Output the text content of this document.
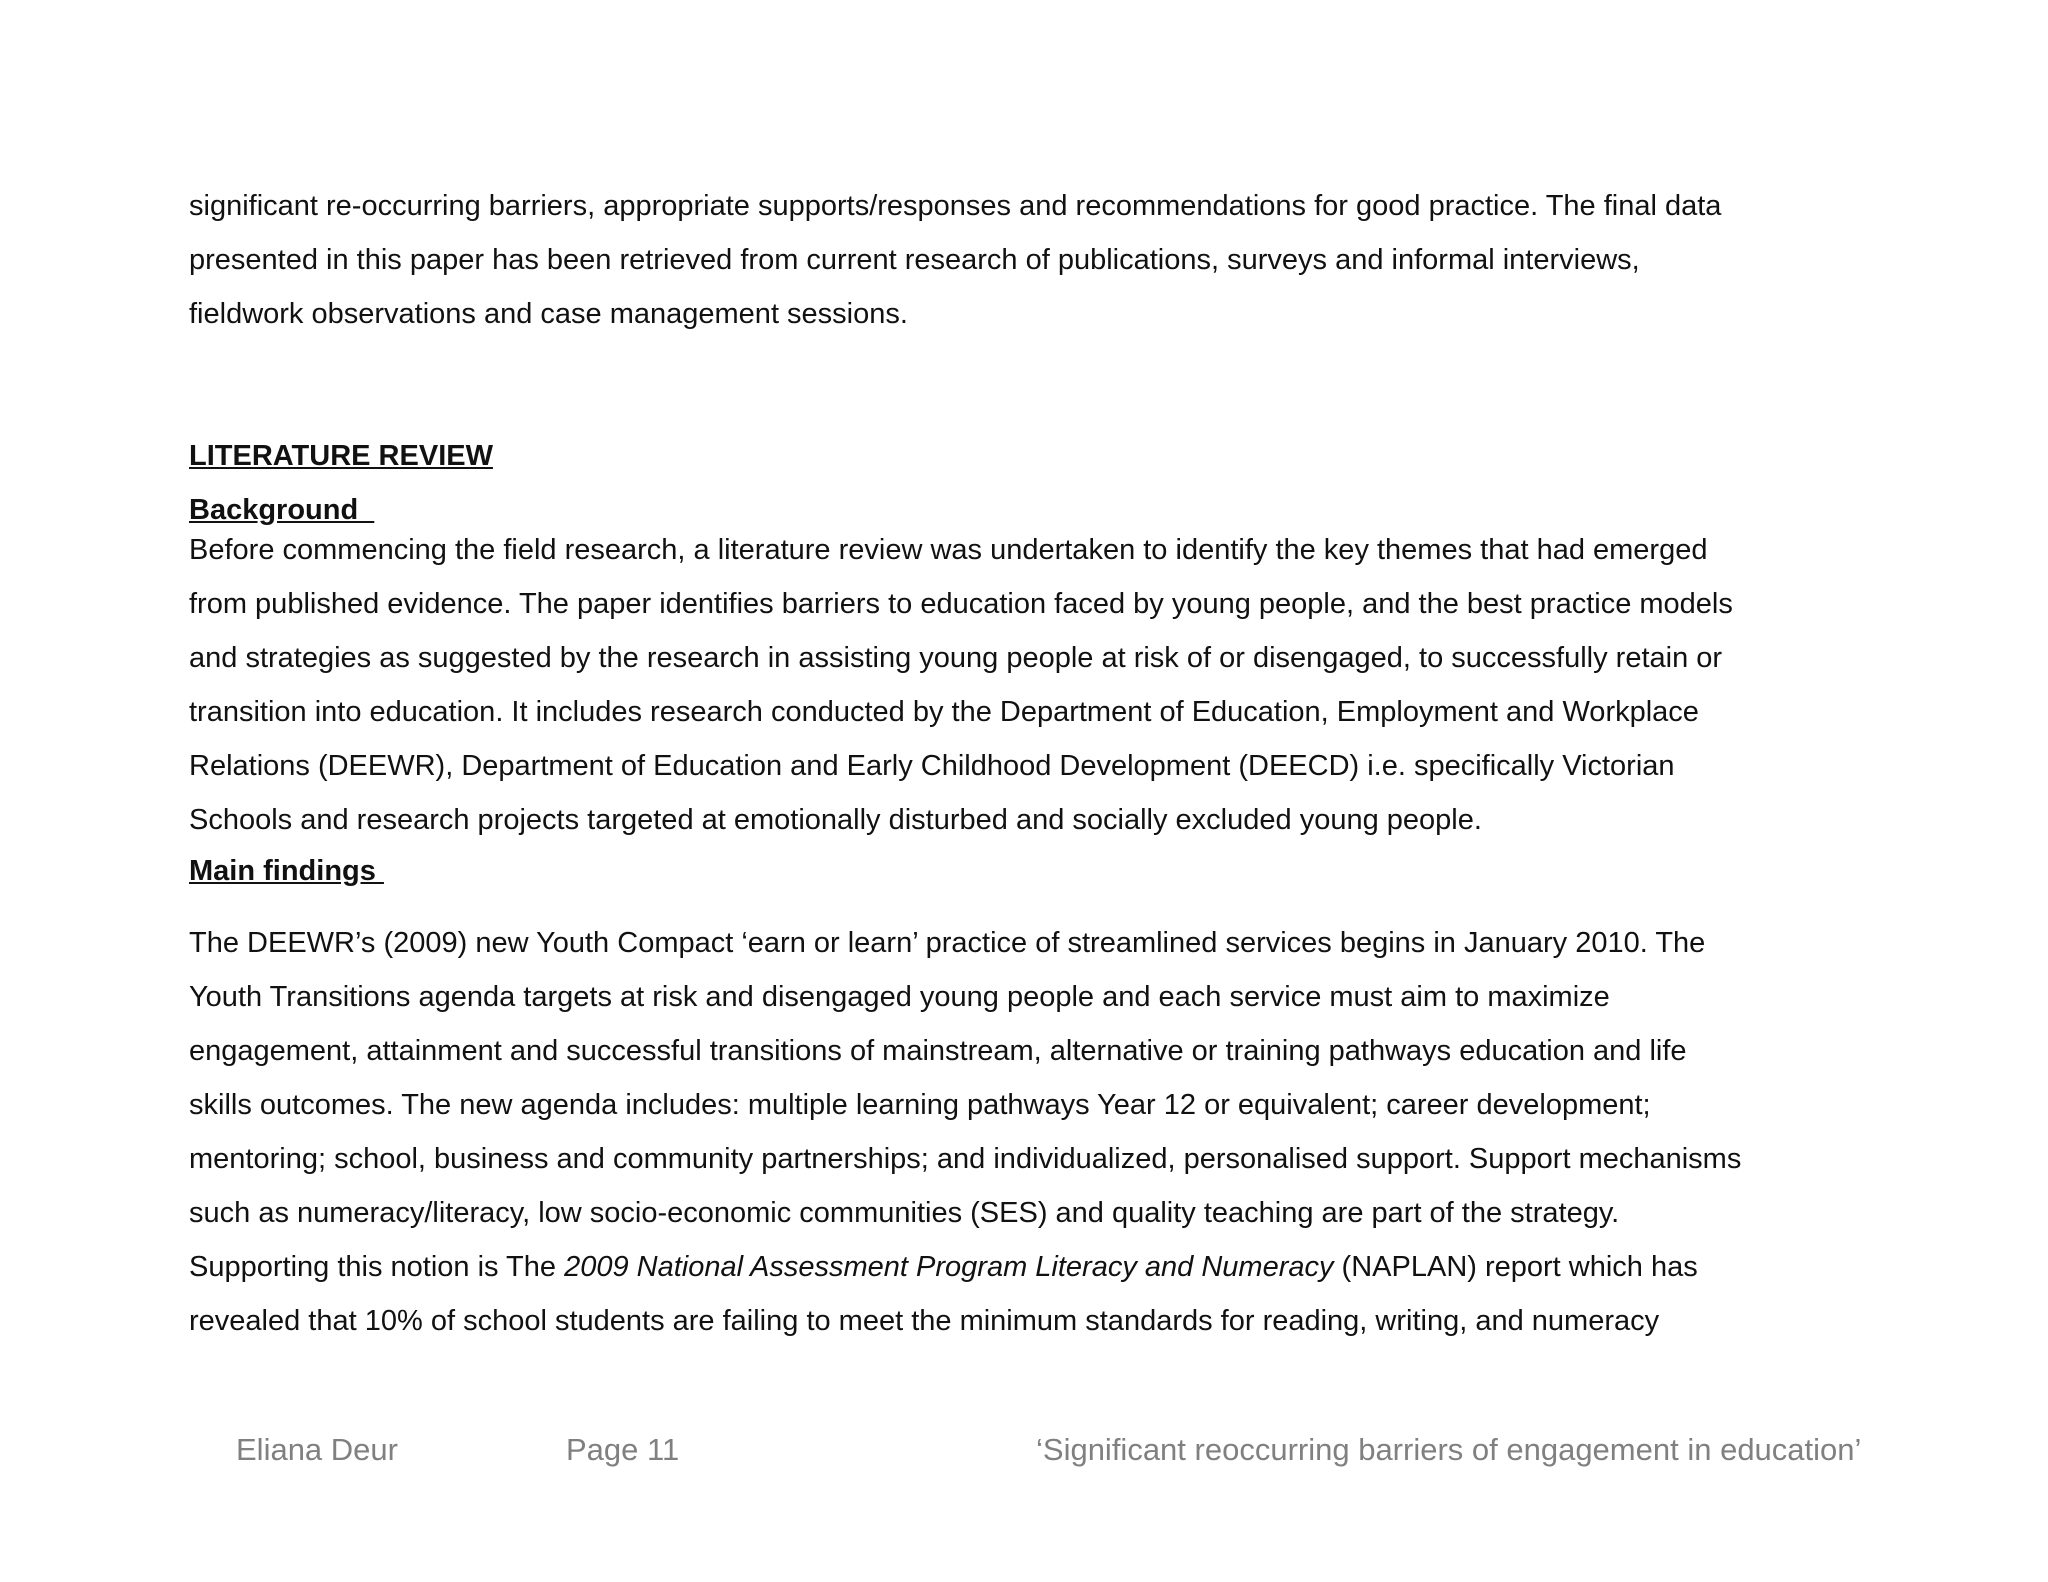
significant re-occurring barriers, appropriate supports/responses and recommendations for good practice. The final data
presented in this paper has been retrieved from current research of publications, surveys and informal interviews,
fieldwork observations and case management sessions.
LITERATURE REVIEW
Background
Before commencing the field research, a literature review was undertaken to identify the key themes that had emerged
from published evidence. The paper identifies barriers to education faced by young people, and the best practice models
and strategies as suggested by the research in assisting young people at risk of or disengaged, to successfully retain or
transition into education. It includes research conducted by the Department of Education, Employment and Workplace
Relations (DEEWR), Department of Education and Early Childhood Development (DEECD) i.e. specifically Victorian
Schools and research projects targeted at emotionally disturbed and socially excluded young people.
Main findings
The DEEWR’s (2009) new Youth Compact ‘earn or learn’ practice of streamlined services begins in January 2010. The
Youth Transitions agenda targets at risk and disengaged young people and each service must aim to maximize
engagement, attainment and successful transitions of mainstream, alternative or training pathways education and life
skills outcomes. The new agenda includes: multiple learning pathways Year 12 or equivalent; career development;
mentoring; school, business and community partnerships; and individualized, personalised support. Support mechanisms
such as numeracy/literacy, low socio-economic communities (SES) and quality teaching are part of the strategy.
Supporting this notion is The 2009 National Assessment Program Literacy and Numeracy (NAPLAN) report which has
revealed that 10% of school students are failing to meet the minimum standards for reading, writing, and numeracy
Eliana Deur	Page 11	‘Significant reoccurring barriers of engagement in education’
